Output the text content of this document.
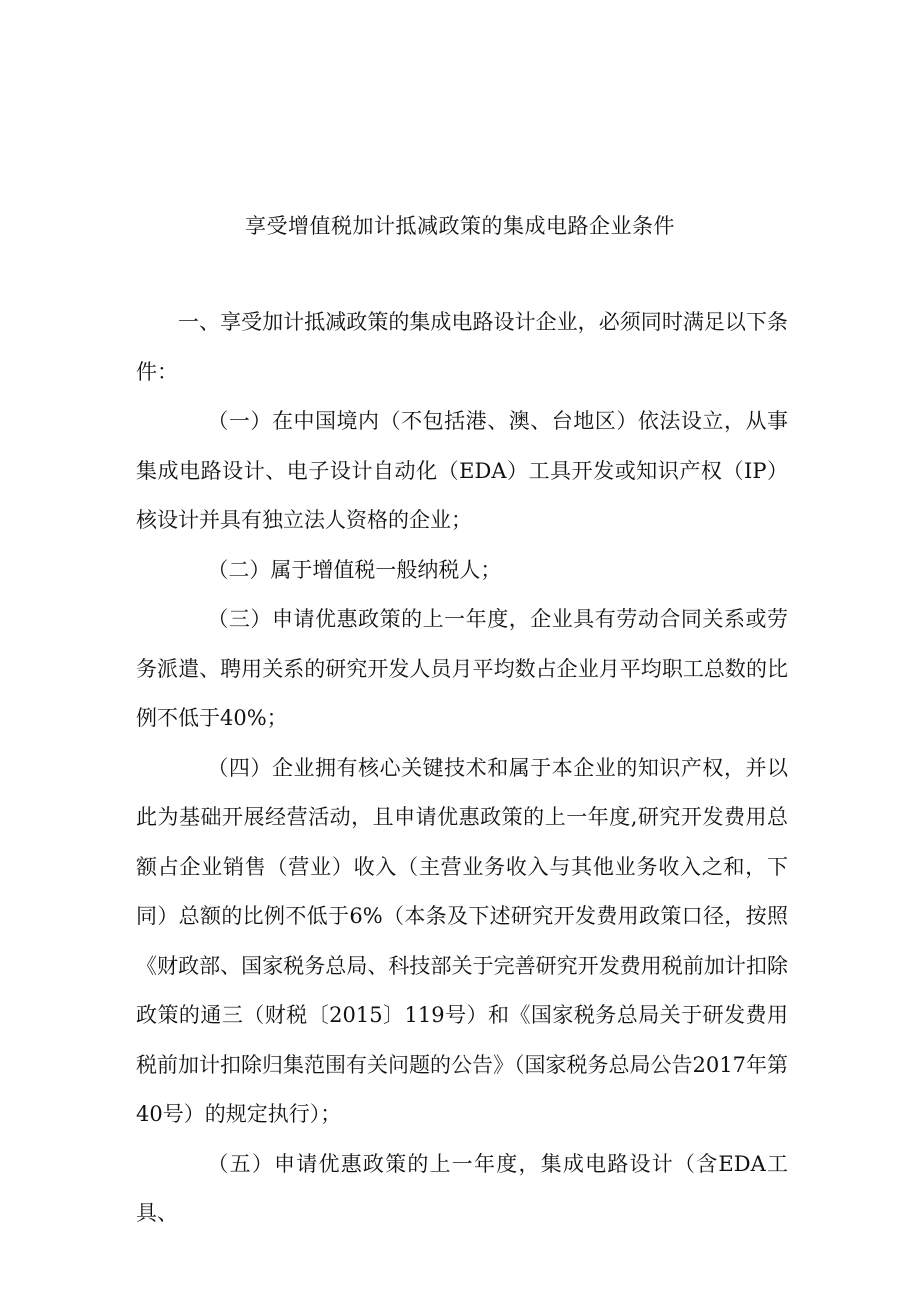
享受增值税加计抵减政策的集成电路企业条件

一、享受加计抵减政策的集成电路设计企业，必须同时满足以下条件：

（一）在中国境内（不包括港、澳、台地区）依法设立，从事集成电路设计、电子设计自动化（EDA）工具开发或知识产权（IP）核设计并具有独立法人资格的企业；

（二）属于增值税一般纳税人；

（三）申请优惠政策的上一年度，企业具有劳动合同关系或劳务派遣、聘用关系的研究开发人员月平均数占企业月平均职工总数的比例不低于40%；

（四）企业拥有核心关键技术和属于本企业的知识产权，并以此为基础开展经营活动，且申请优惠政策的上一年度,研究开发费用总额占企业销售（营业）收入（主营业务收入与其他业务收入之和，下同）总额的比例不低于6%（本条及下述研究开发费用政策口径，按照《财政部、国家税务总局、科技部关于完善研究开发费用税前加计扣除政策的通三（财税〔2015〕119号）和《国家税务总局关于研发费用税前加计扣除归集范围有关问题的公告》（国家税务总局公告2017年第40号）的规定执行）；

（五）申请优惠政策的上一年度，集成电路设计（含EDA工具、
